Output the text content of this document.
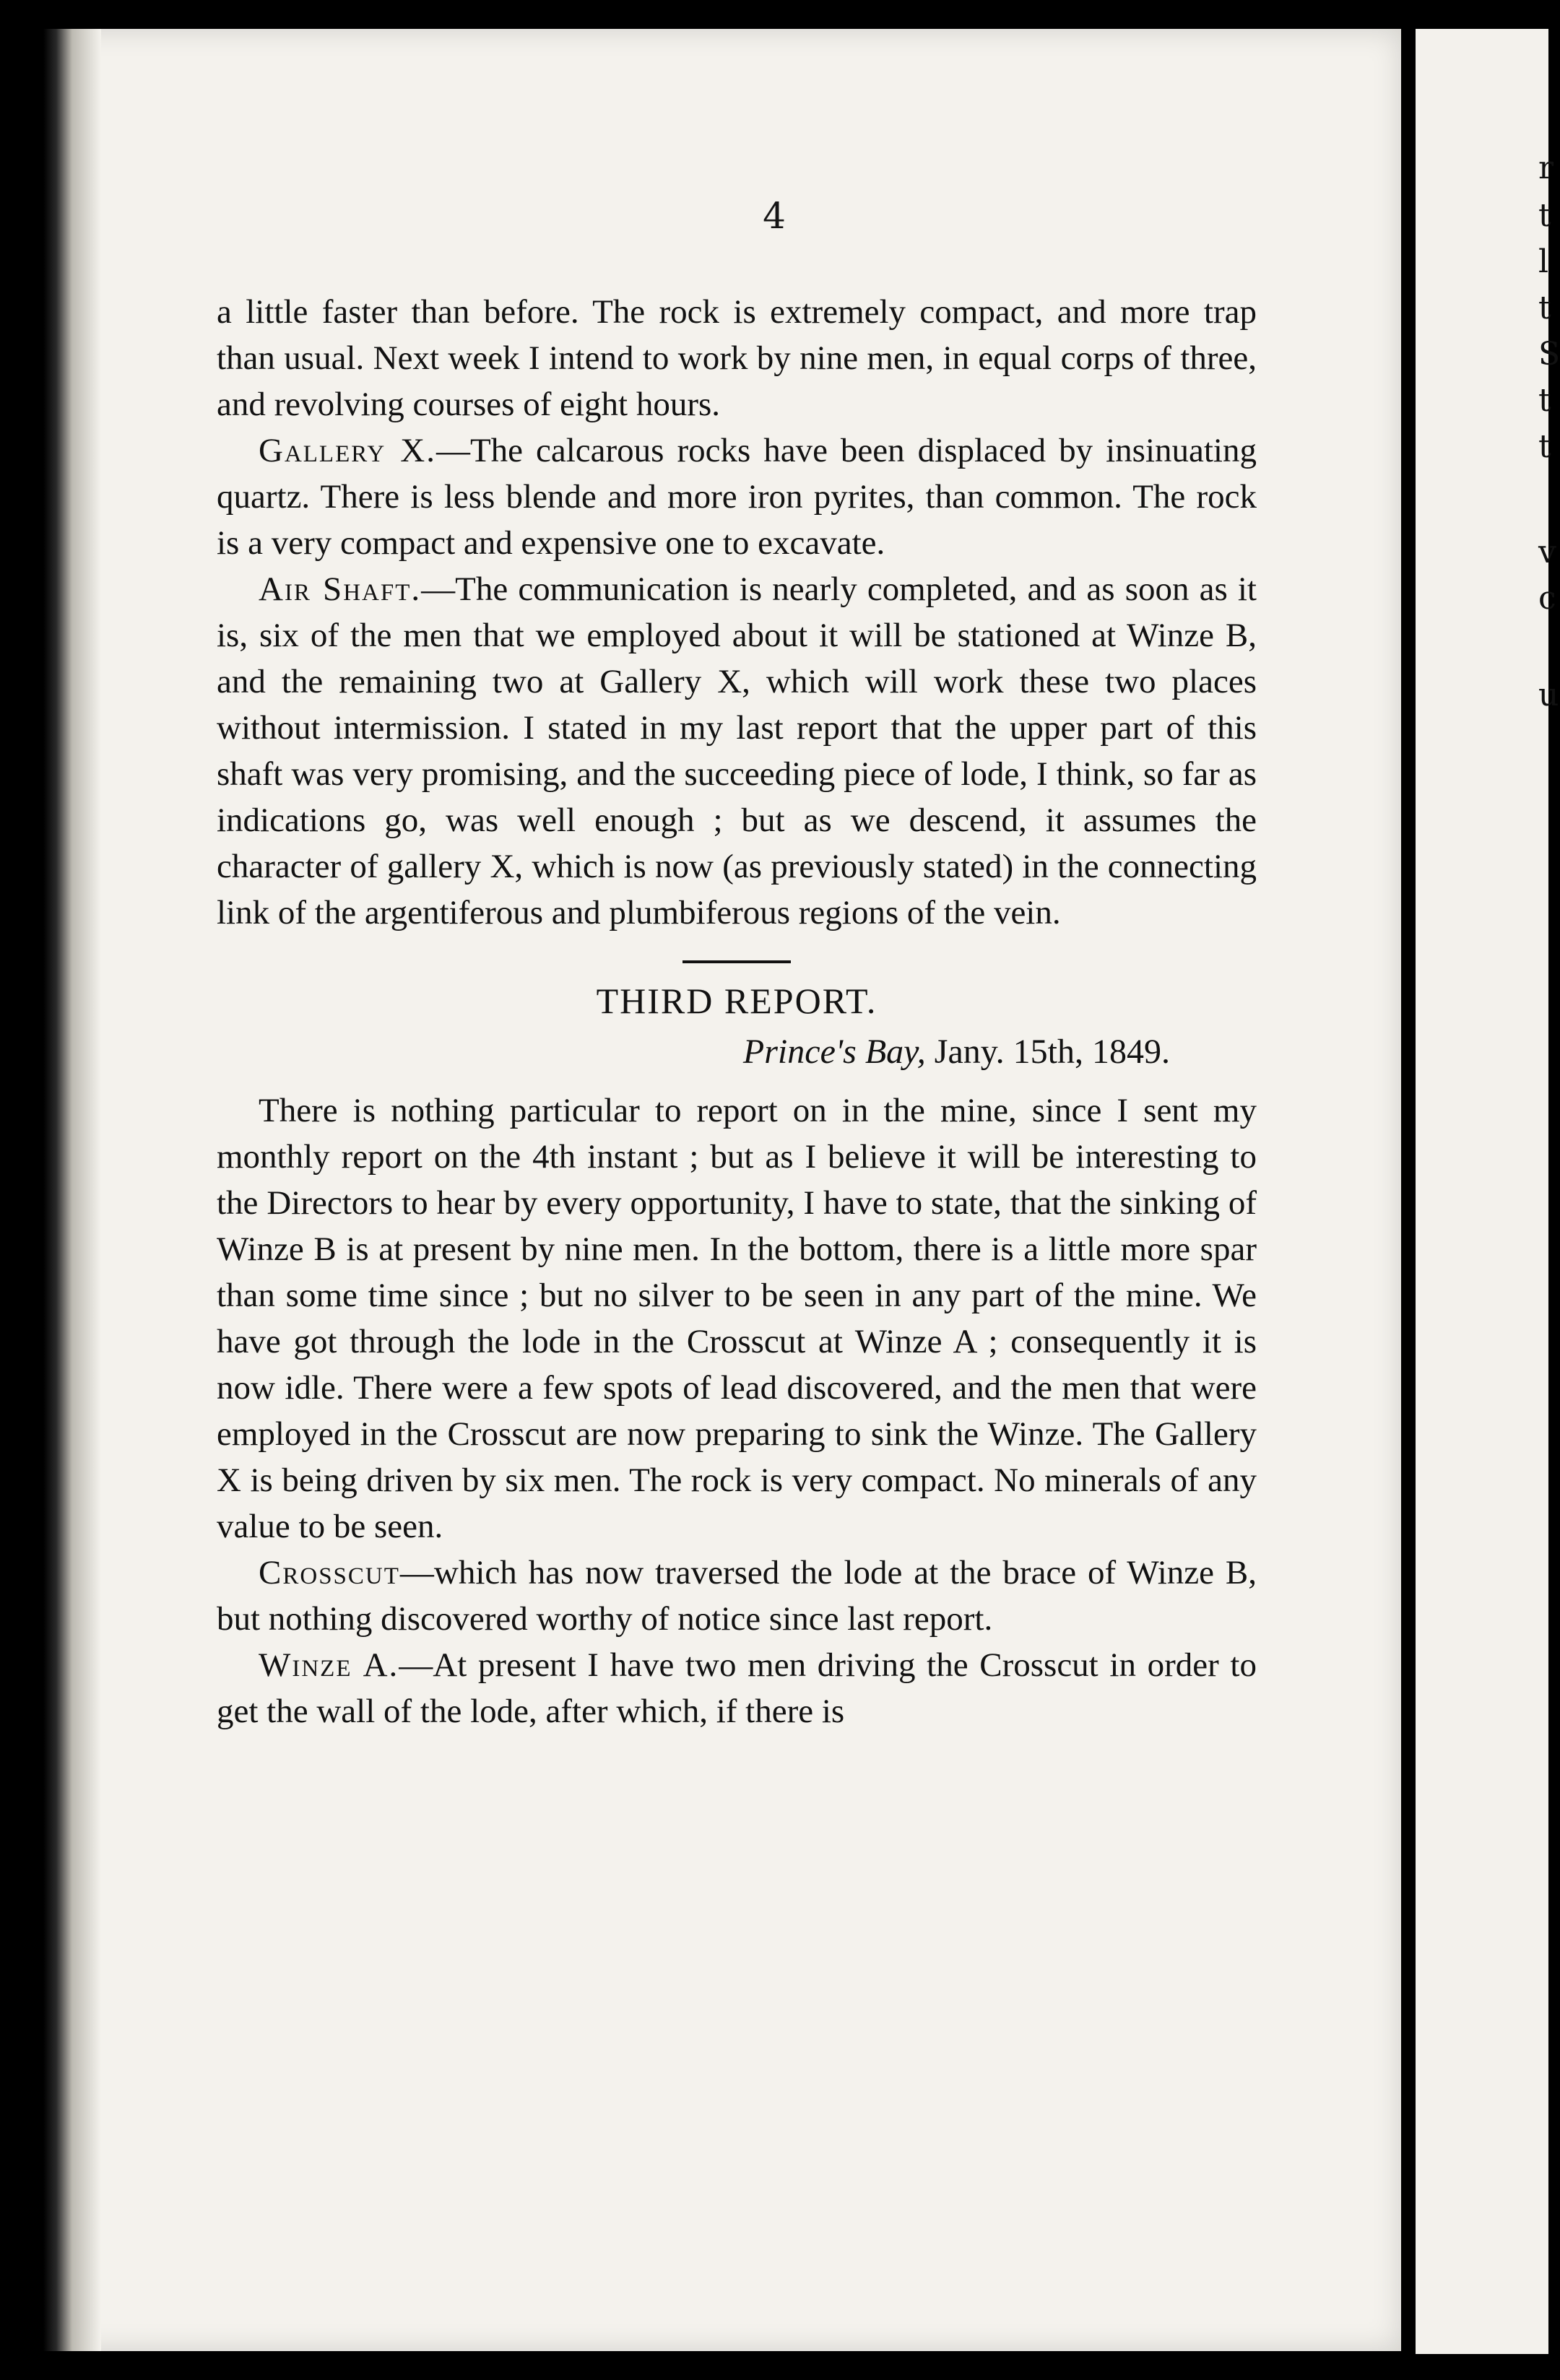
r
t
l
t
S
t
t
v
c
u
4

a little faster than before. The rock is extremely compact, and more trap than usual. Next week I intend to work by nine men, in equal corps of three, and revolving courses of eight hours.

Gallery X.—The calcarous rocks have been displaced by insinuating quartz. There is less blende and more iron pyrites, than common. The rock is a very compact and expensive one to excavate.

Air Shaft.—The communication is nearly completed, and as soon as it is, six of the men that we employed about it will be stationed at Winze B, and the remaining two at Gallery X, which will work these two places without intermission. I stated in my last report that the upper part of this shaft was very promising, and the succeeding piece of lode, I think, so far as indications go, was well enough ; but as we descend, it assumes the character of gallery X, which is now (as previously stated) in the connecting link of the argentiferous and plumbiferous regions of the vein.

THIRD REPORT.

Prince's Bay, Jany. 15th, 1849.

There is nothing particular to report on in the mine, since I sent my monthly report on the 4th instant ; but as I believe it will be interesting to the Directors to hear by every opportunity, I have to state, that the sinking of Winze B is at present by nine men. In the bottom, there is a little more spar than some time since ; but no silver to be seen in any part of the mine. We have got through the lode in the Crosscut at Winze A ; consequently it is now idle. There were a few spots of lead discovered, and the men that were employed in the Crosscut are now preparing to sink the Winze. The Gallery X is being driven by six men. The rock is very compact. No minerals of any value to be seen.

Crosscut—which has now traversed the lode at the brace of Winze B, but nothing discovered worthy of notice since last report.

Winze A.—At present I have two men driving the Crosscut in order to get the wall of the lode, after which, if there is
